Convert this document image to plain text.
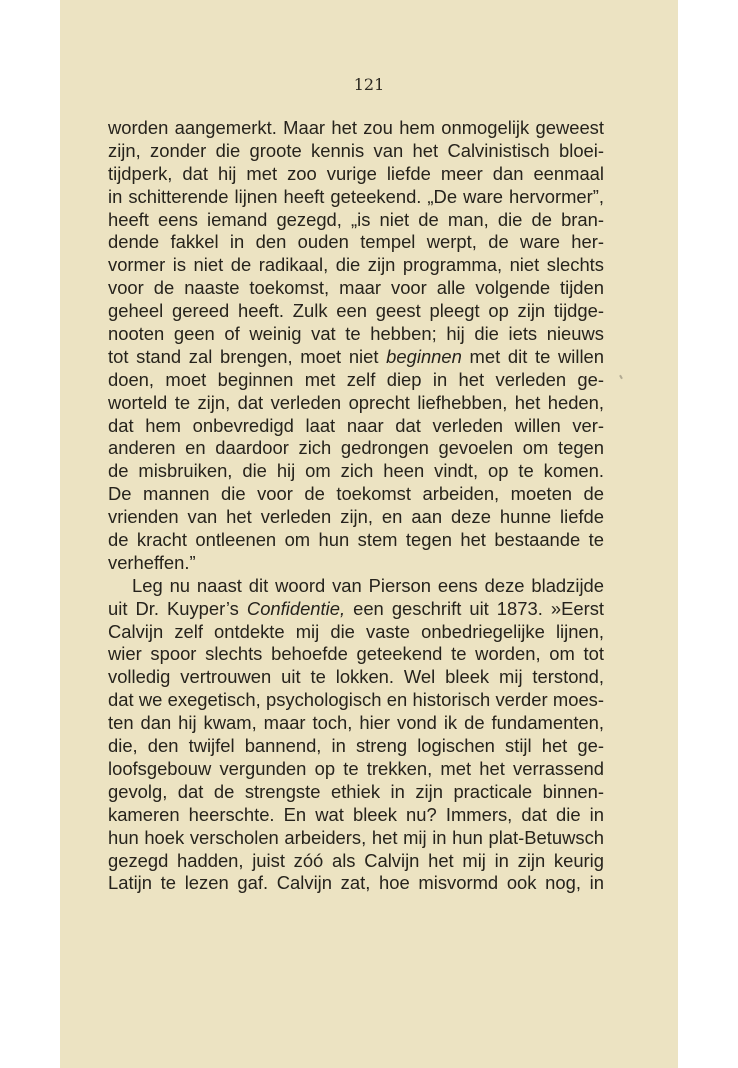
121
worden aangemerkt. Maar het zou hem onmogelijk geweest
zijn, zonder die groote kennis van het Calvinistisch bloei-
tijdperk, dat hij met zoo vurige liefde meer dan eenmaal
in schitterende lijnen heeft geteekend. „De ware hervormer”,
heeft eens iemand gezegd, „is niet de man, die de bran-
dende fakkel in den ouden tempel werpt, de ware her-
vormer is niet de radikaal, die zijn programma, niet slechts
voor de naaste toekomst, maar voor alle volgende tijden
geheel gereed heeft. Zulk een geest pleegt op zijn tijdge-
nooten geen of weinig vat te hebben; hij die iets nieuws
tot stand zal brengen, moet niet beginnen met dit te willen
doen, moet beginnen met zelf diep in het verleden ge-
worteld te zijn, dat verleden oprecht liefhebben, het heden,
dat hem onbevredigd laat naar dat verleden willen ver-
anderen en daardoor zich gedrongen gevoelen om tegen
de misbruiken, die hij om zich heen vindt, op te komen.
De mannen die voor de toekomst arbeiden, moeten de
vrienden van het verleden zijn, en aan deze hunne liefde
de kracht ontleenen om hun stem tegen het bestaande te
verheffen.”
Leg nu naast dit woord van Pierson eens deze bladzijde
uit Dr. Kuyper’s Confidentie, een geschrift uit 1873. »Eerst
Calvijn zelf ontdekte mij die vaste onbedriegelijke lijnen,
wier spoor slechts behoefde geteekend te worden, om tot
volledig vertrouwen uit te lokken. Wel bleek mij terstond,
dat we exegetisch, psychologisch en historisch verder moes-
ten dan hij kwam, maar toch, hier vond ik de fundamenten,
die, den twijfel bannend, in streng logischen stijl het ge-
loofsgebouw vergunden op te trekken, met het verrassend
gevolg, dat de strengste ethiek in zijn practicale binnen-
kameren heerschte. En wat bleek nu? Immers, dat die in
hun hoek verscholen arbeiders, het mij in hun plat-Betuwsch
gezegd hadden, juist zóó als Calvijn het mij in zijn keurig
Latijn te lezen gaf. Calvijn zat, hoe misvormd ook nog, in
